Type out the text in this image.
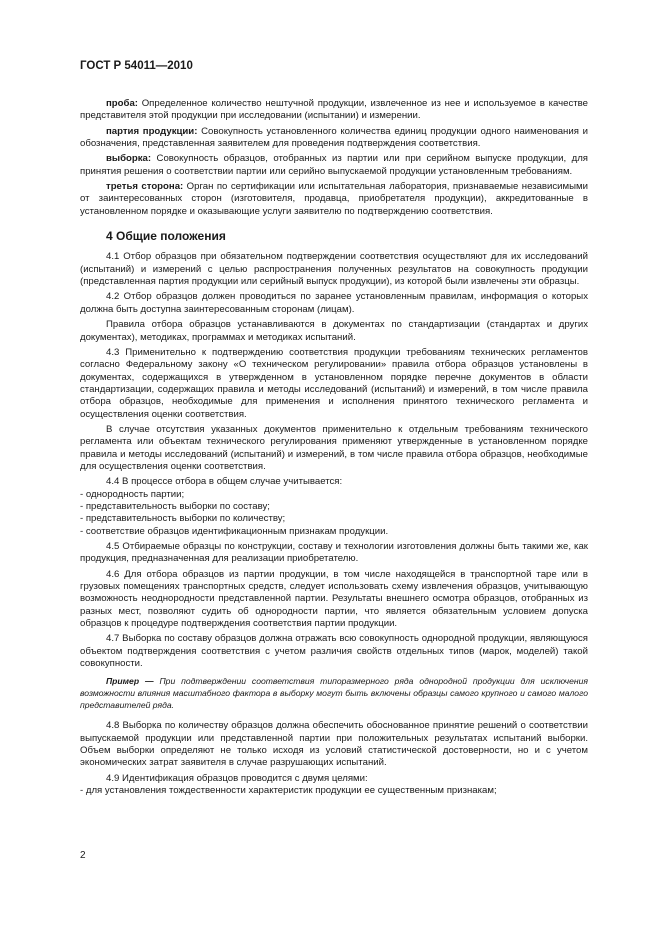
ГОСТ Р 54011—2010

проба: Определенное количество нештучной продукции, извлеченное из нее и используемое в качестве представителя этой продукции при исследовании (испытании) и измерении.

партия продукции: Совокупность установленного количества единиц продукции одного наименования и обозначения, представленная заявителем для проведения подтверждения соответствия.

выборка: Совокупность образцов, отобранных из партии или при серийном выпуске продукции, для принятия решения о соответствии партии или серийно выпускаемой продукции установленным требованиям.

третья сторона: Орган по сертификации или испытательная лаборатория, признаваемые независимыми от заинтересованных сторон (изготовителя, продавца, приобретателя продукции), аккредитованные в установленном порядке и оказывающие услуги заявителю по подтверждению соответствия.

4 Общие положения

4.1 Отбор образцов при обязательном подтверждении соответствия осуществляют для их исследований (испытаний) и измерений с целью распространения полученных результатов на совокупность продукции (представленная партия продукции или серийный выпуск продукции), из которой были извлечены эти образцы.

4.2 Отбор образцов должен проводиться по заранее установленным правилам, информация о которых должна быть доступна заинтересованным сторонам (лицам).

Правила отбора образцов устанавливаются в документах по стандартизации (стандартах и других документах), методиках, программах и методиках испытаний.

4.3 Применительно к подтверждению соответствия продукции требованиям технических регламентов согласно Федеральному закону «О техническом регулировании» правила отбора образцов установлены в документах, содержащихся в утвержденном в установленном порядке перечне документов в области стандартизации, содержащих правила и методы исследований (испытаний) и измерений, в том числе правила отбора образцов, необходимые для применения и исполнения принятого технического регламента и осуществления оценки соответствия.

В случае отсутствия указанных документов применительно к отдельным требованиям технического регламента или объектам технического регулирования применяют утвержденные в установленном порядке правила и методы исследований (испытаний) и измерений, в том числе правила отбора образцов, необходимые для осуществления оценки соответствия.

4.4 В процессе отбора в общем случае учитывается:

- однородность партии;

- представительность выборки по составу;

- представительность выборки по количеству;

- соответствие образцов идентификационным признакам продукции.

4.5 Отбираемые образцы по конструкции, составу и технологии изготовления должны быть такими же, как продукция, предназначенная для реализации приобретателю.

4.6 Для отбора образцов из партии продукции, в том числе находящейся в транспортной таре или в грузовых помещениях транспортных средств, следует использовать схему извлечения образцов, учитывающую возможность неоднородности представленной партии. Результаты внешнего осмотра образцов, отобранных из разных мест, позволяют судить об однородности партии, что является обязательным условием допуска образцов к процедуре подтверждения соответствия партии продукции.

4.7 Выборка по составу образцов должна отражать всю совокупность однородной продукции, являющуюся объектом подтверждения соответствия с учетом различия свойств отдельных типов (марок, моделей) такой совокупности.

Пример — При подтверждении соответствия типоразмерного ряда однородной продукции для исключения возможности влияния масштабного фактора в выборку могут быть включены образцы самого крупного и самого малого представителей ряда.

4.8 Выборка по количеству образцов должна обеспечить обоснованное принятие решений о соответствии выпускаемой продукции или представленной партии при положительных результатах испытаний выборки. Объем выборки определяют не только исходя из условий статистической достоверности, но и с учетом экономических затрат заявителя в случае разрушающих испытаний.

4.9 Идентификация образцов проводится с двумя целями:

- для установления тождественности характеристик продукции ее существенным признакам;

2
